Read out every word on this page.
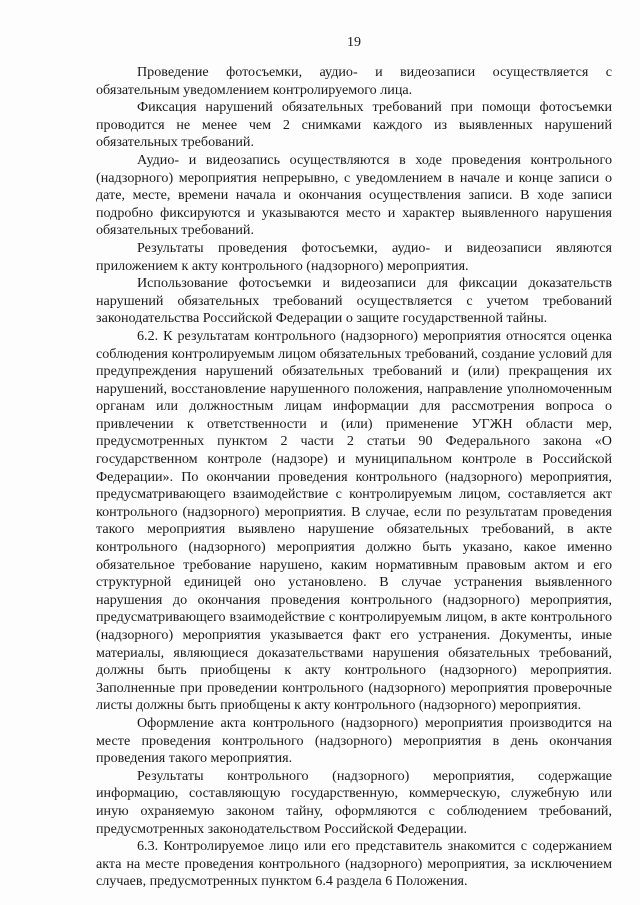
19

Проведение фотосъемки, аудио- и видеозаписи осуществляется с обязательным уведомлением контролируемого лица.

Фиксация нарушений обязательных требований при помощи фотосъемки проводится не менее чем 2 снимками каждого из выявленных нарушений обязательных требований.

Аудио- и видеозапись осуществляются в ходе проведения контрольного (надзорного) мероприятия непрерывно, с уведомлением в начале и конце записи о дате, месте, времени начала и окончания осуществления записи. В ходе записи подробно фиксируются и указываются место и характер выявленного нарушения обязательных требований.

Результаты проведения фотосъемки, аудио- и видеозаписи являются приложением к акту контрольного (надзорного) мероприятия.

Использование фотосъемки и видеозаписи для фиксации доказательств нарушений обязательных требований осуществляется с учетом требований законодательства Российской Федерации о защите государственной тайны.

6.2. К результатам контрольного (надзорного) мероприятия относятся оценка соблюдения контролируемым лицом обязательных требований, создание условий для предупреждения нарушений обязательных требований и (или) прекращения их нарушений, восстановление нарушенного положения, направление уполномоченным органам или должностным лицам информации для рассмотрения вопроса о привлечении к ответственности и (или) применение УГЖН области мер, предусмотренных пунктом 2 части 2 статьи 90 Федерального закона «О государственном контроле (надзоре) и муниципальном контроле в Российской Федерации». По окончании проведения контрольного (надзорного) мероприятия, предусматривающего взаимодействие с контролируемым лицом, составляется акт контрольного (надзорного) мероприятия. В случае, если по результатам проведения такого мероприятия выявлено нарушение обязательных требований, в акте контрольного (надзорного) мероприятия должно быть указано, какое именно обязательное требование нарушено, каким нормативным правовым актом и его структурной единицей оно установлено. В случае устранения выявленного нарушения до окончания проведения контрольного (надзорного) мероприятия, предусматривающего взаимодействие с контролируемым лицом, в акте контрольного (надзорного) мероприятия указывается факт его устранения. Документы, иные материалы, являющиеся доказательствами нарушения обязательных требований, должны быть приобщены к акту контрольного (надзорного) мероприятия. Заполненные при проведении контрольного (надзорного) мероприятия проверочные листы должны быть приобщены к акту контрольного (надзорного) мероприятия.

Оформление акта контрольного (надзорного) мероприятия производится на месте проведения контрольного (надзорного) мероприятия в день окончания проведения такого мероприятия.

Результаты контрольного (надзорного) мероприятия, содержащие информацию, составляющую государственную, коммерческую, служебную или иную охраняемую законом тайну, оформляются с соблюдением требований, предусмотренных законодательством Российской Федерации.

6.3. Контролируемое лицо или его представитель знакомится с содержанием акта на месте проведения контрольного (надзорного) мероприятия, за исключением случаев, предусмотренных пунктом 6.4 раздела 6 Положения.
